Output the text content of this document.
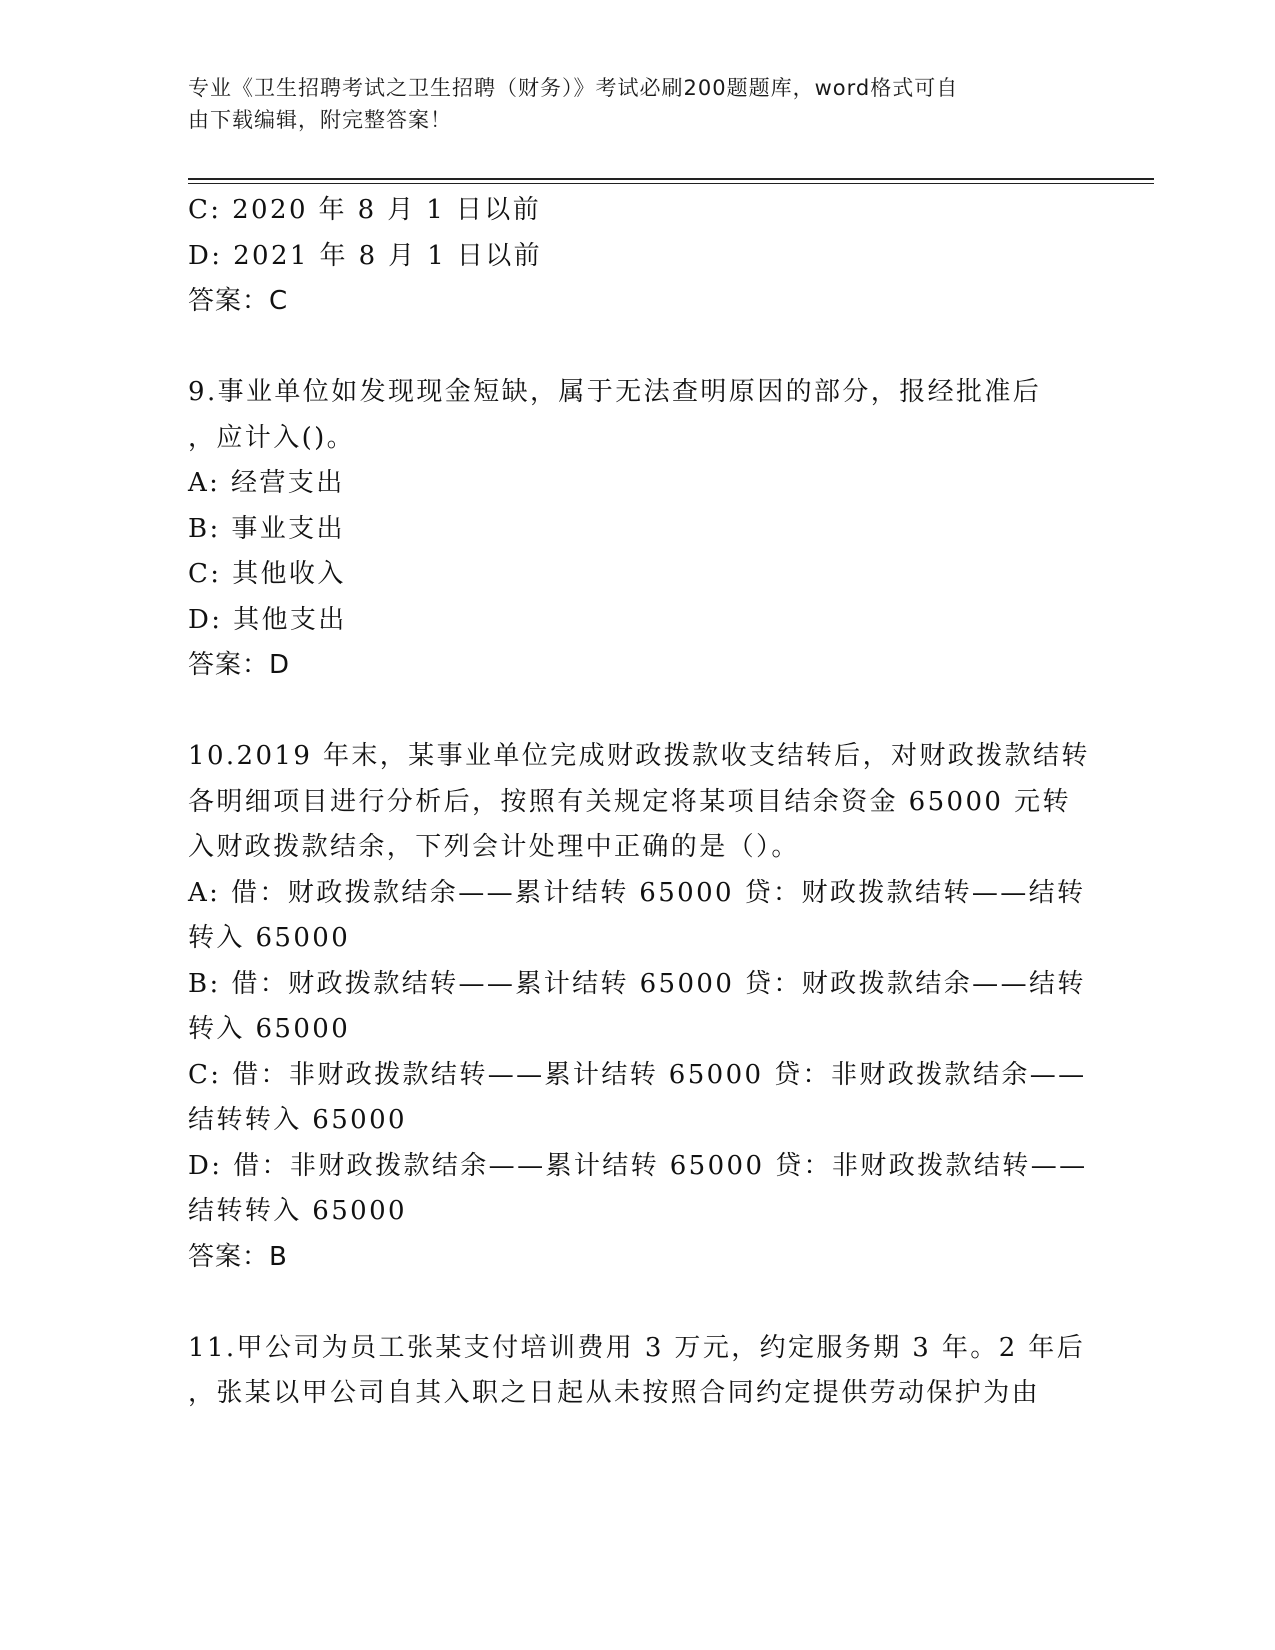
专业《卫生招聘考试之卫生招聘（财务）》考试必刷200题题库，word格式可自
由下载编辑，附完整答案！
C: 2020 年 8 月 1 日以前
D: 2021 年 8 月 1 日以前
答案：C
9.事业单位如发现现金短缺，属于无法查明原因的部分，报经批准后
，应计入()。
A: 经营支出
B: 事业支出
C: 其他收入
D: 其他支出
答案：D
10.2019 年末，某事业单位完成财政拨款收支结转后，对财政拨款结转
各明细项目进行分析后，按照有关规定将某项目结余资金 65000 元转
入财政拨款结余，下列会计处理中正确的是（）。
A: 借：财政拨款结余——累计结转 65000 贷：财政拨款结转——结转
转入 65000
B: 借：财政拨款结转——累计结转 65000 贷：财政拨款结余——结转
转入 65000
C: 借：非财政拨款结转——累计结转 65000 贷：非财政拨款结余——
结转转入 65000
D: 借：非财政拨款结余——累计结转 65000 贷：非财政拨款结转——
结转转入 65000
答案：B
11.甲公司为员工张某支付培训费用 3 万元，约定服务期 3 年。2 年后
，张某以甲公司自其入职之日起从未按照合同约定提供劳动保护为由
